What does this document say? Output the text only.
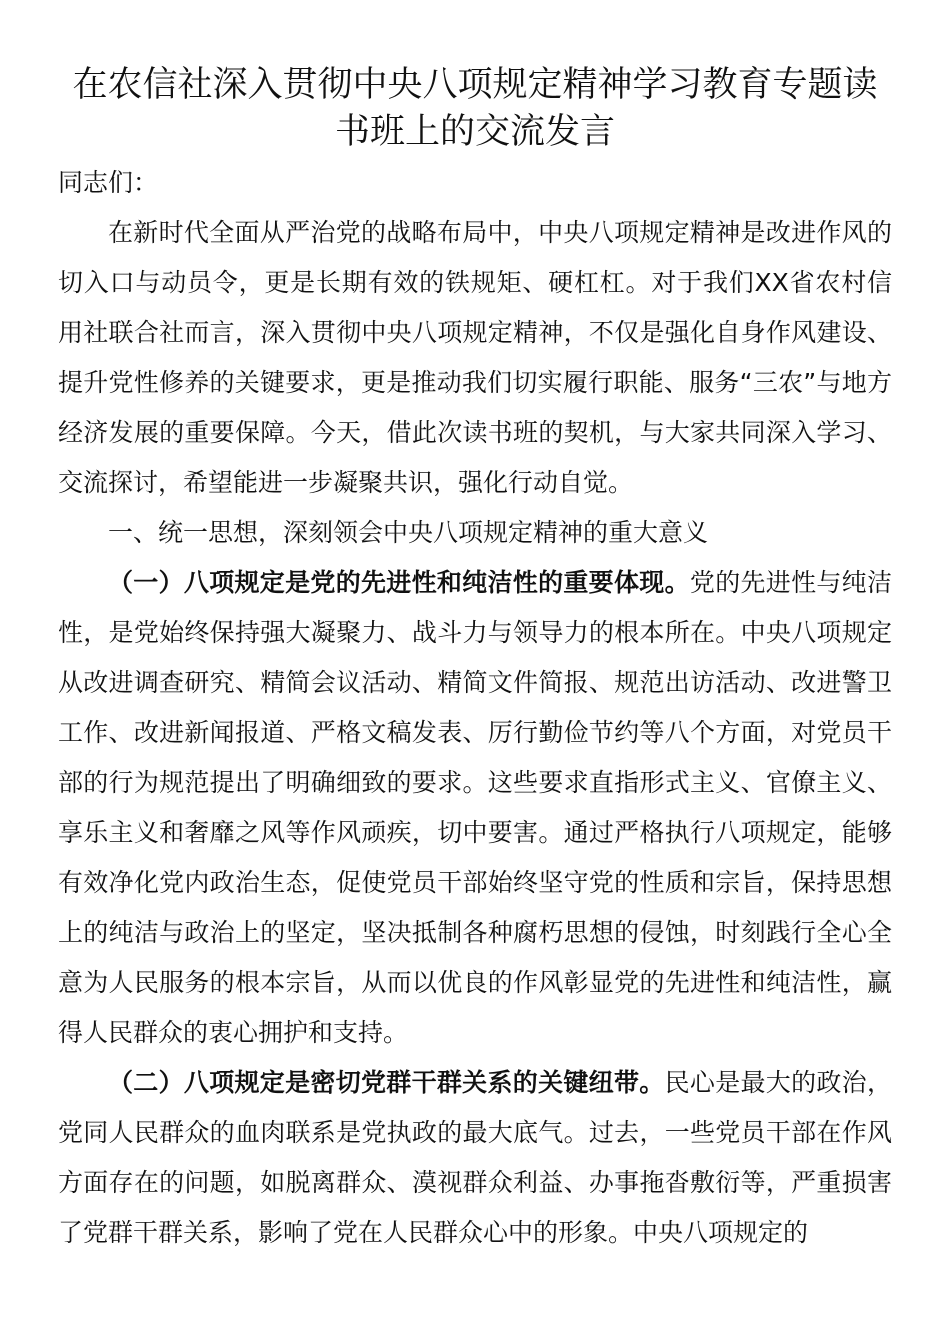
在农信社深入贯彻中央八项规定精神学习教育专题读书班上的交流发言

同志们：

在新时代全面从严治党的战略布局中，中央八项规定精神是改进作风的切入口与动员令，更是长期有效的铁规矩、硬杠杠。对于我们XX省农村信用社联合社而言，深入贯彻中央八项规定精神，不仅是强化自身作风建设、提升党性修养的关键要求，更是推动我们切实履行职能、服务“三农”与地方经济发展的重要保障。今天，借此次读书班的契机，与大家共同深入学习、交流探讨，希望能进一步凝聚共识，强化行动自觉。

一、统一思想，深刻领会中央八项规定精神的重大意义

（一）八项规定是党的先进性和纯洁性的重要体现。党的先进性与纯洁性，是党始终保持强大凝聚力、战斗力与领导力的根本所在。中央八项规定从改进调查研究、精简会议活动、精简文件简报、规范出访活动、改进警卫工作、改进新闻报道、严格文稿发表、厉行勤俭节约等八个方面，对党员干部的行为规范提出了明确细致的要求。这些要求直指形式主义、官僚主义、享乐主义和奢靡之风等作风顽疾，切中要害。通过严格执行八项规定，能够有效净化党内政治生态，促使党员干部始终坚守党的性质和宗旨，保持思想上的纯洁与政治上的坚定，坚决抵制各种腐朽思想的侵蚀，时刻践行全心全意为人民服务的根本宗旨，从而以优良的作风彰显党的先进性和纯洁性，赢得人民群众的衷心拥护和支持。

（二）八项规定是密切党群干群关系的关键纽带。民心是最大的政治，党同人民群众的血肉联系是党执政的最大底气。过去，一些党员干部在作风方面存在的问题，如脱离群众、漠视群众利益、办事拖沓敷衍等，严重损害了党群干群关系，影响了党在人民群众心中的形象。中央八项规定的
